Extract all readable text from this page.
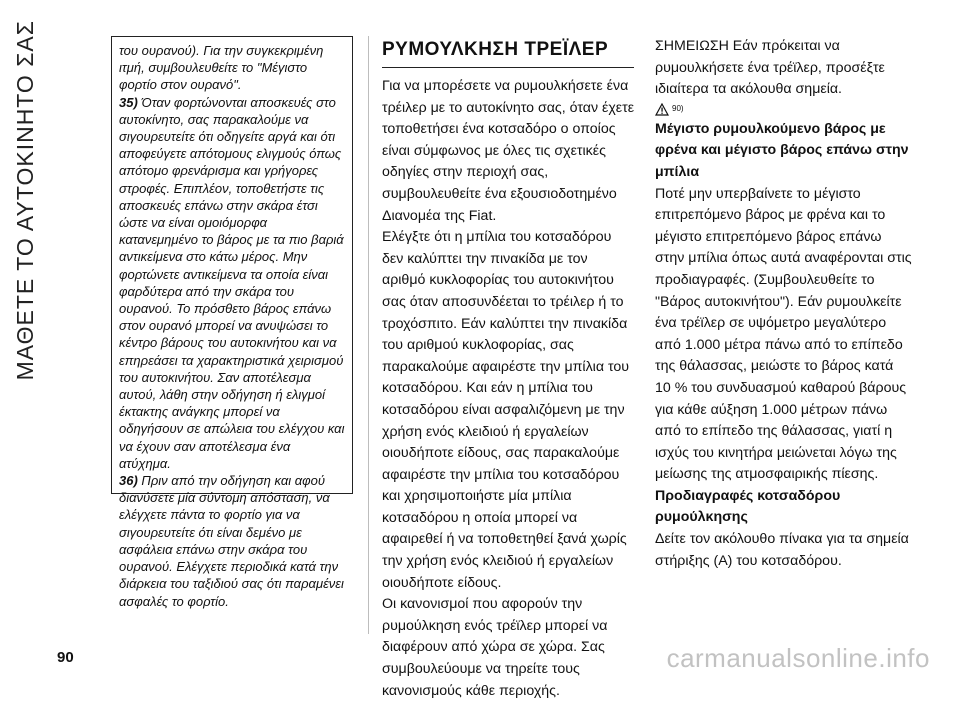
ΜΑΘΕΤΕ ΤΟ ΑΥΤΟΚΙΝΗΤΟ ΣΑΣ	του ουρανού). Για την συγκεκριμένη ιτμή, συμβουλευθείτε το "Μέγιστο φορτίο στον ουρανό".

35) Όταν φορτώνονται αποσκευές στο αυτοκίνητο, σας παρακαλούμε να σιγουρευτείτε ότι οδηγείτε αργά και ότι αποφεύγετε απότομους ελιγμούς όπως απότομο φρενάρισμα και γρήγορες στροφές. Επιπλέον, τοποθετήστε τις αποσκευές επάνω στην σκάρα έτσι ώστε να είναι ομοιόμορφα κατανεμημένο το βάρος με τα πιο βαριά αντικείμενα στο κάτω μέρος. Μην φορτώνετε αντικείμενα τα οποία είναι φαρδύτερα από την σκάρα του ουρανού. Το πρόσθετο βάρος επάνω στον ουρανό μπορεί να ανυψώσει το κέντρο βάρους του αυτοκινήτου και να επηρεάσει τα χαρακτηριστικά χειρισμού του αυτοκινήτου. Σαν αποτέλεσμα αυτού, λάθη στην οδήγηση ή ελιγμοί έκτακτης ανάγκης μπορεί να οδηγήσουν σε απώλεια του ελέγχου και να έχουν σαν αποτέλεσμα ένα ατύχημα.

36) Πριν από την οδήγηση και αφού διανύσετε μία σύντομη απόσταση, να ελέγχετε πάντα το φορτίο για να σιγουρευτείτε ότι είναι δεμένο με ασφάλεια επάνω στην σκάρα του ουρανού. Ελέγχετε περιοδικά κατά την διάρκεια του ταξιδιού σας ότι παραμένει ασφαλές το φορτίο.

ΡΥΜΟΥΛΚΗΣΗ ΤΡΕΪΛΕΡ

Για να μπορέσετε να ρυμουλκήσετε ένα τρέιλερ με το αυτοκίνητο σας, όταν έχετε τοποθετήσει ένα κοτσαδόρο ο οποίος είναι σύμφωνος με όλες τις σχετικές οδηγίες στην περιοχή σας, συμβουλευθείτε ένα εξουσιοδοτημένο Διανομέα της Fiat.

Ελέγξτε ότι η μπίλια του κοτσαδόρου δεν καλύπτει την πινακίδα με τον αριθμό κυκλοφορίας του αυτοκινήτου σας όταν αποσυνδέεται το τρέιλερ ή το τροχόσπιτο. Εάν καλύπτει την πινακίδα του αριθμού κυκλοφορίας, σας παρακαλούμε αφαιρέστε την μπίλια του κοτσαδόρου. Και εάν η μπίλια του κοτσαδόρου είναι ασφαλιζόμενη με την χρήση ενός κλειδιού ή εργαλείων οιουδήποτε είδους, σας παρακαλούμε αφαιρέστε την μπίλια του κοτσαδόρου και χρησιμοποιήστε μία μπίλια κοτσαδόρου η οποία μπορεί να αφαιρεθεί ή να τοποθετηθεί ξανά χωρίς την χρήση ενός κλειδιού ή εργαλείων οιουδήποτε είδους.

Οι κανονισμοί που αφορούν την ρυμούλκηση ενός τρέϊλερ μπορεί να διαφέρουν από χώρα σε χώρα. Σας συμβουλεύουμε να τηρείτε τους κανονισμούς κάθε περιοχής.

ΣΗΜΕΙΩΣΗ Εάν πρόκειται να ρυμουλκήσετε ένα τρέϊλερ, προσέξτε ιδιαίτερα τα ακόλουθα σημεία.

90)

Μέγιστο ρυμουλκούμενο βάρος με φρένα και μέγιστο βάρος επάνω στην μπίλια

Ποτέ μην υπερβαίνετε το μέγιστο επιτρεπόμενο βάρος με φρένα και το μέγιστο επιτρεπόμενο βάρος επάνω στην μπίλια όπως αυτά αναφέρονται στις προδιαγραφές. (Συμβουλευθείτε το "Βάρος αυτοκινήτου"). Εάν ρυμουλκείτε ένα τρέϊλερ σε υψόμετρο μεγαλύτερο από 1.000 μέτρα πάνω από το επίπεδο της θάλασσας, μειώστε το βάρος κατά 10 % του συνδυασμού καθαρού βάρους για κάθε αύξηση 1.000 μέτρων πάνω από το επίπεδο της θάλασσας, γιατί η ισχύς του κινητήρα μειώνεται λόγω της μείωσης της ατμοσφαιρικής πίεσης.

Προδιαγραφές κοτσαδόρου ρυμούλκησης

Δείτε τον ακόλουθο πίνακα για τα σημεία στήριξης (A) του κοτσαδόρου.

90	carmanualsonline.info
